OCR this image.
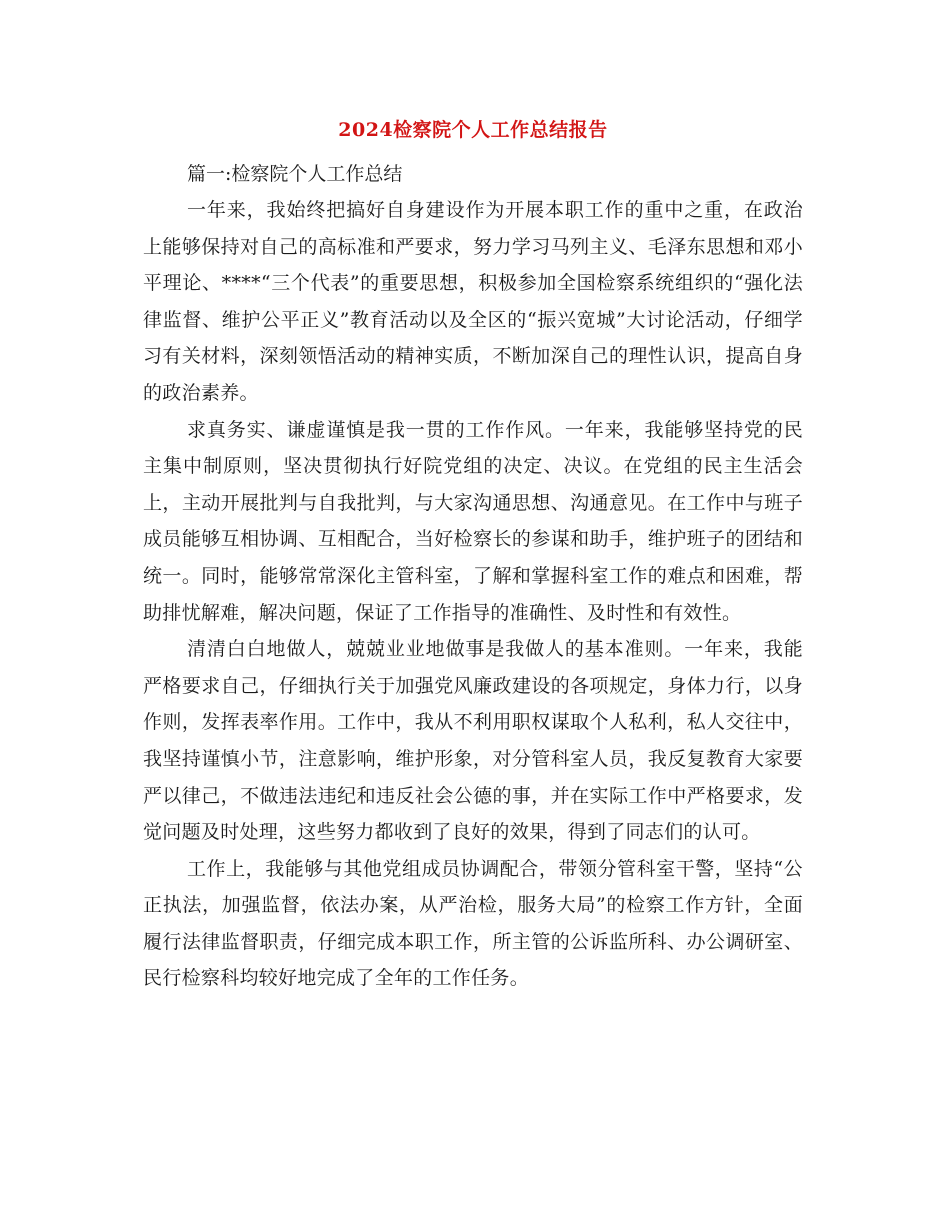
2024检察院个人工作总结报告
篇一:检察院个人工作总结

一年来，我始终把搞好自身建设作为开展本职工作的重中之重，在政治上能够保持对自己的高标准和严要求，努力学习马列主义、毛泽东思想和邓小平理论、****“三个代表”的重要思想，积极参加全国检察系统组织的“强化法律监督、维护公平正义”教育活动以及全区的“振兴宽城”大讨论活动，仔细学习有关材料，深刻领悟活动的精神实质，不断加深自己的理性认识，提高自身的政治素养。

求真务实、谦虚谨慎是我一贯的工作作风。一年来，我能够坚持党的民主集中制原则，坚决贯彻执行好院党组的决定、决议。在党组的民主生活会上，主动开展批判与自我批判，与大家沟通思想、沟通意见。在工作中与班子成员能够互相协调、互相配合，当好检察长的参谋和助手，维护班子的团结和统一。同时，能够常常深化主管科室，了解和掌握科室工作的难点和困难，帮助排忧解难，解决问题，保证了工作指导的准确性、及时性和有效性。

清清白白地做人，兢兢业业地做事是我做人的基本准则。一年来，我能严格要求自己，仔细执行关于加强党风廉政建设的各项规定，身体力行，以身作则，发挥表率作用。工作中，我从不利用职权谋取个人私利，私人交往中，我坚持谨慎小节，注意影响，维护形象，对分管科室人员，我反复教育大家要严以律己，不做违法违纪和违反社会公德的事，并在实际工作中严格要求，发觉问题及时处理，这些努力都收到了良好的效果，得到了同志们的认可。

工作上，我能够与其他党组成员协调配合，带领分管科室干警，坚持“公正执法，加强监督，依法办案，从严治检，服务大局”的检察工作方针，全面履行法律监督职责，仔细完成本职工作，所主管的公诉监所科、办公调研室、民行检察科均较好地完成了全年的工作任务。
